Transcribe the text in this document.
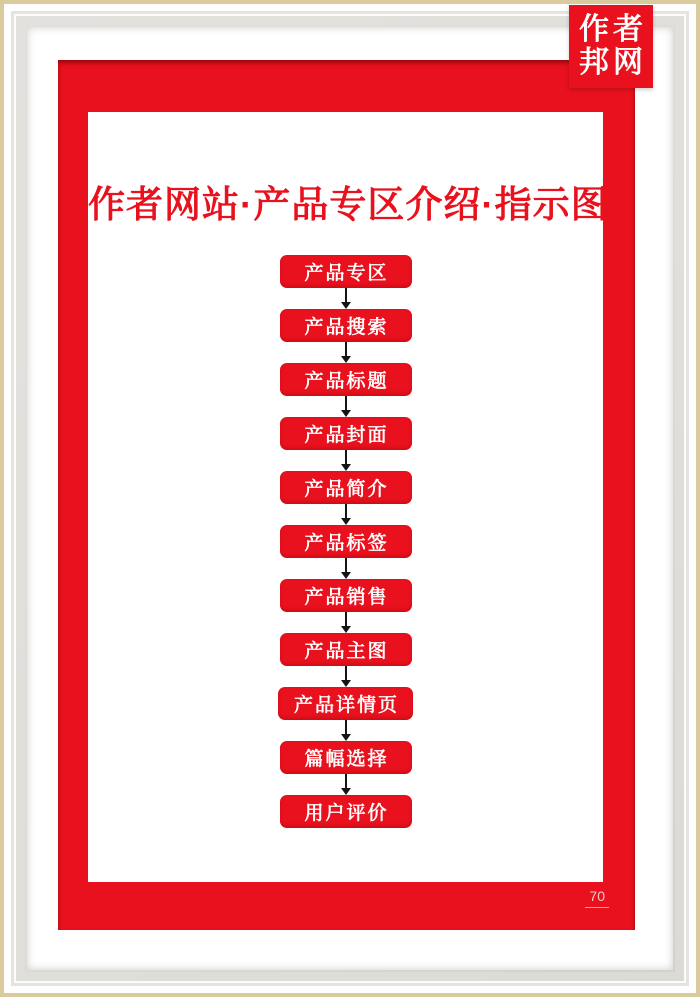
作者网站·产品专区介绍·指示图
产品专区
产品搜索
产品标题
产品封面
产品简介
产品标签
产品销售
产品主图
产品详情页
篇幅选择
用户评价
70
作者
邦网
